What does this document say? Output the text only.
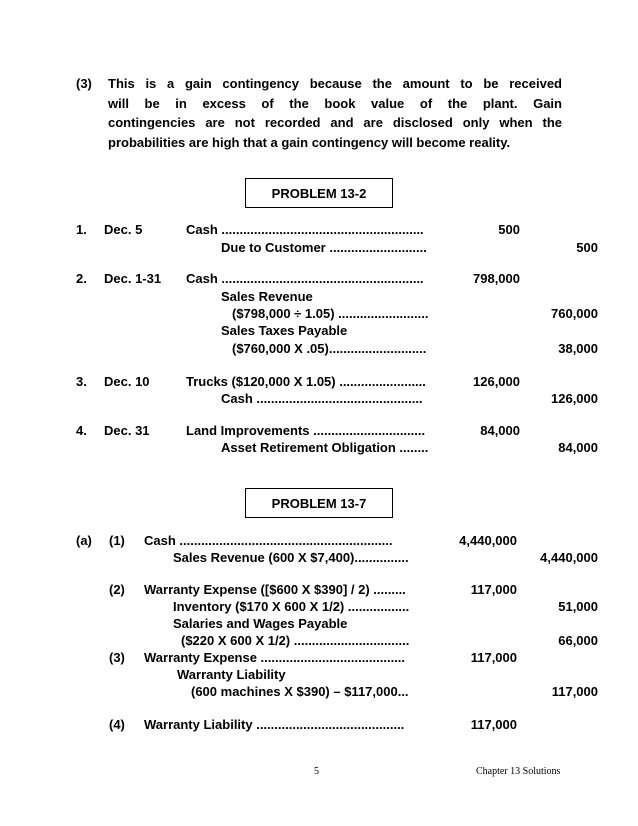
(3) This is a gain contingency because the amount to be received
will be in excess of the book value of the plant. Gain
contingencies are not recorded and are disclosed only when the
probabilities are high that a gain contingency will become reality.
PROBLEM 13-2
1. Dec. 5	Cash ........................................................	500
Due to Customer ...........................	500
2. Dec. 1-31 Cash ........................................................	798,000
Sales Revenue
($798,000 ÷ 1.05) .........................	760,000
Sales Taxes Payable
($760,000 X .05)...........................	38,000
3. Dec. 10	Trucks ($120,000 X 1.05) ........................	126,000
Cash ..............................................	126,000
4. Dec. 31	Land Improvements ...............................	84,000
Asset Retirement Obligation ........	84,000
PROBLEM 13-7
(a) (1) Cash ...........................................................	4,440,000
Sales Revenue (600 X $7,400)...............	4,440,000
(2) Warranty Expense ([$600 X $390] / 2) .........	117,000
Inventory ($170 X 600 X 1/2) .................	51,000
Salaries and Wages Payable
($220 X 600 X 1/2) ................................	66,000
(3) Warranty Expense ........................................	117,000
Warranty Liability
(600 machines X $390) – $117,000...	117,000
(4) Warranty Liability .........................................	117,000
5	Chapter 13 Solutions
